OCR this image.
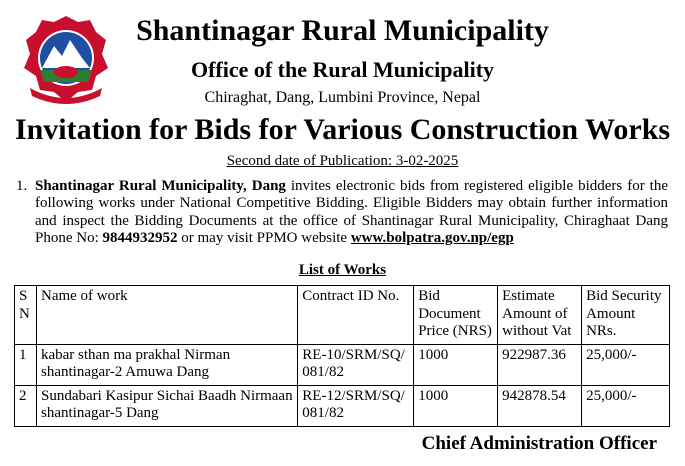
Shantinagar Rural Municipality
Office of the Rural Municipality
Chiraghat, Dang, Lumbini Province, Nepal
Invitation for Bids for Various Construction Works
Second date of Publication: 3-02-2025
1. Shantinagar Rural Municipality, Dang invites electronic bids from registered eligible bidders for the following works under National Competitive Bidding. Eligible Bidders may obtain further information and inspect the Bidding Documents at the office of Shantinagar Rural Municipality, Chiraghaat Dang Phone No: 9844932952 or may visit PPMO website www.bolpatra.gov.np/egp
List of Works
S N	Name of work	Contract ID No.	Bid Document Price (NRS)	Estimate Amount of without Vat	Bid Security Amount NRs.
1	kabar sthan ma prakhal Nirman shantinagar-2 Amuwa Dang	RE-10/SRM/SQ/ 081/82	1000	922987.36	25,000/-
2	Sundabari Kasipur Sichai Baadh Nirmaan shantinagar-5 Dang	RE-12/SRM/SQ/ 081/82	1000	942878.54	25,000/-
Chief Administration Officer
